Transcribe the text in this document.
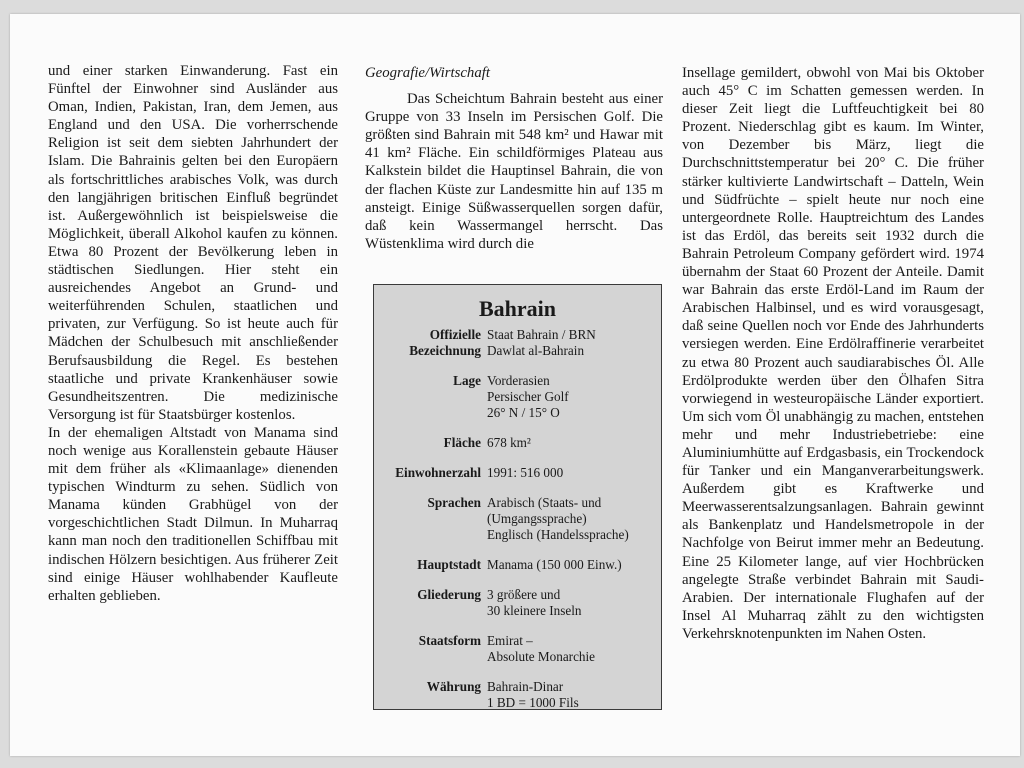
und einer starken Einwanderung. Fast ein Fünftel der Einwohner sind Ausländer aus Oman, Indien, Pakistan, Iran, dem Jemen, aus England und den USA. Die vorherrschende Religion ist seit dem siebten Jahrhundert der Islam. Die Bahrainis gelten bei den Europäern als fortschrittliches arabisches Volk, was durch den langjährigen britischen Einfluß begründet ist. Außergewöhnlich ist beispielsweise die Möglichkeit, überall Alkohol kaufen zu können. Etwa 80 Prozent der Bevölkerung leben in städtischen Siedlungen. Hier steht ein ausreichendes Angebot an Grund- und weiterführenden Schulen, staatlichen und privaten, zur Verfügung. So ist heute auch für Mädchen der Schulbesuch mit anschließender Berufsausbildung die Regel. Es bestehen staatliche und private Krankenhäuser sowie Gesundheitszentren. Die medizinische Versorgung ist für Staatsbürger kostenlos.

In der ehemaligen Altstadt von Manama sind noch wenige aus Korallenstein gebaute Häuser mit dem früher als «Klimaanlage» dienenden typischen Windturm zu sehen. Südlich von Manama künden Grabhügel von der vorgeschichtlichen Stadt Dilmun. In Muharraq kann man noch den traditionellen Schiffbau mit indischen Hölzern besichtigen. Aus früherer Zeit sind einige Häuser wohlhabender Kaufleute erhalten geblieben.

Geografie/Wirtschaft

Das Scheichtum Bahrain besteht aus einer Gruppe von 33 Inseln im Persischen Golf. Die größten sind Bahrain mit 548 km² und Hawar mit 41 km² Fläche. Ein schildförmiges Plateau aus Kalkstein bildet die Hauptinsel Bahrain, die von der flachen Küste zur Landesmitte hin auf 135 m ansteigt. Einige Süßwasserquellen sorgen dafür, daß kein Wassermangel herrscht. Das Wüstenklima wird durch die

Bahrain
Offizielle Bezeichnung
Staat Bahrain / BRN
Dawlat al-Bahrain
Lage Vorderasien
Persischer Golf
26° N / 15° O
Fläche 678 km²
Einwohnerzahl 1991: 516 000
Sprachen Arabisch (Staats- und
(Umgangssprache)
Englisch (Handelssprache)
Hauptstadt Manama (150 000 Einw.)
Gliederung 3 größere und
30 kleinere Inseln
Staatsform Emirat –
Absolute Monarchie
Währung Bahrain-Dinar
1 BD = 1000 Fils

Insellage gemildert, obwohl von Mai bis Oktober auch 45° C im Schatten gemessen werden. In dieser Zeit liegt die Luftfeuchtigkeit bei 80 Prozent. Niederschlag gibt es kaum. Im Winter, von Dezember bis März, liegt die Durchschnittstemperatur bei 20° C. Die früher stärker kultivierte Landwirtschaft – Datteln, Wein und Südfrüchte – spielt heute nur noch eine untergeordnete Rolle. Hauptreichtum des Landes ist das Erdöl, das bereits seit 1932 durch die Bahrain Petroleum Company gefördert wird. 1974 übernahm der Staat 60 Prozent der Anteile. Damit war Bahrain das erste Erdöl-Land im Raum der Arabischen Halbinsel, und es wird vorausgesagt, daß seine Quellen noch vor Ende des Jahrhunderts versiegen werden. Eine Erdölraffinerie verarbeitet zu etwa 80 Prozent auch saudiarabisches Öl. Alle Erdölprodukte werden über den Ölhafen Sitra vorwiegend in westeuropäische Länder exportiert. Um sich vom Öl unabhängig zu machen, entstehen mehr und mehr Industriebetriebe: eine Aluminiumhütte auf Erdgasbasis, ein Trockendock für Tanker und ein Manganverarbeitungswerk. Außerdem gibt es Kraftwerke und Meerwasserentsalzungsanlagen. Bahrain gewinnt als Bankenplatz und Handelsmetropole in der Nachfolge von Beirut immer mehr an Bedeutung. Eine 25 Kilometer lange, auf vier Hochbrücken angelegte Straße verbindet Bahrain mit Saudi-Arabien. Der internationale Flughafen auf der Insel Al Muharraq zählt zu den wichtigsten Verkehrsknotenpunkten im Nahen Osten.
